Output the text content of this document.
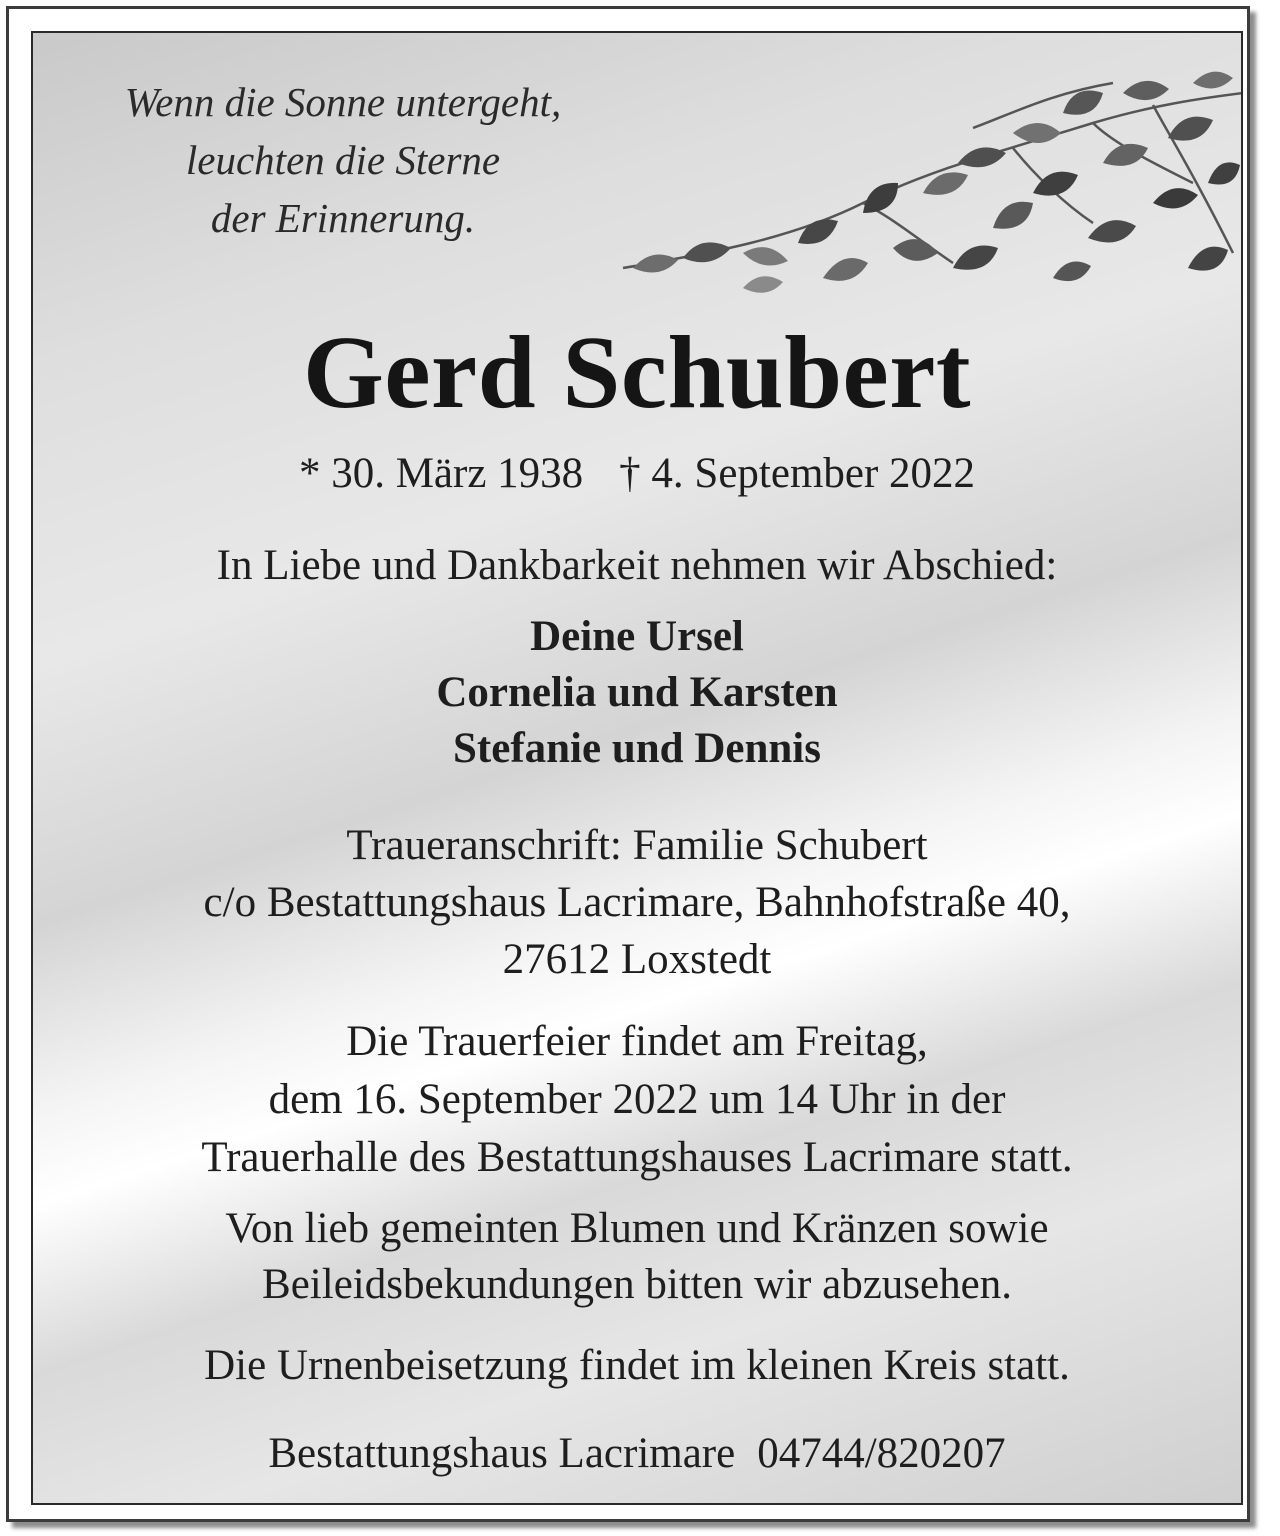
Wenn die Sonne untergeht,
leuchten die Sterne
der Erinnerung.
Gerd Schubert
* 30. März 1938 † 4. September 2022
In Liebe und Dankbarkeit nehmen wir Abschied:
Deine Ursel
Cornelia und Karsten
Stefanie und Dennis
Traueranschrift: Familie Schubert
c/o Bestattungshaus Lacrimare, Bahnhofstraße 40,
27612 Loxstedt
Die Trauerfeier findet am Freitag,
dem 16. September 2022 um 14 Uhr in der
Trauerhalle des Bestattungshauses Lacrimare statt.
Von lieb gemeinten Blumen und Kränzen sowie
Beileidsbekundungen bitten wir abzusehen.
Die Urnenbeisetzung findet im kleinen Kreis statt.
Bestattungshaus Lacrimare 04744/820207
